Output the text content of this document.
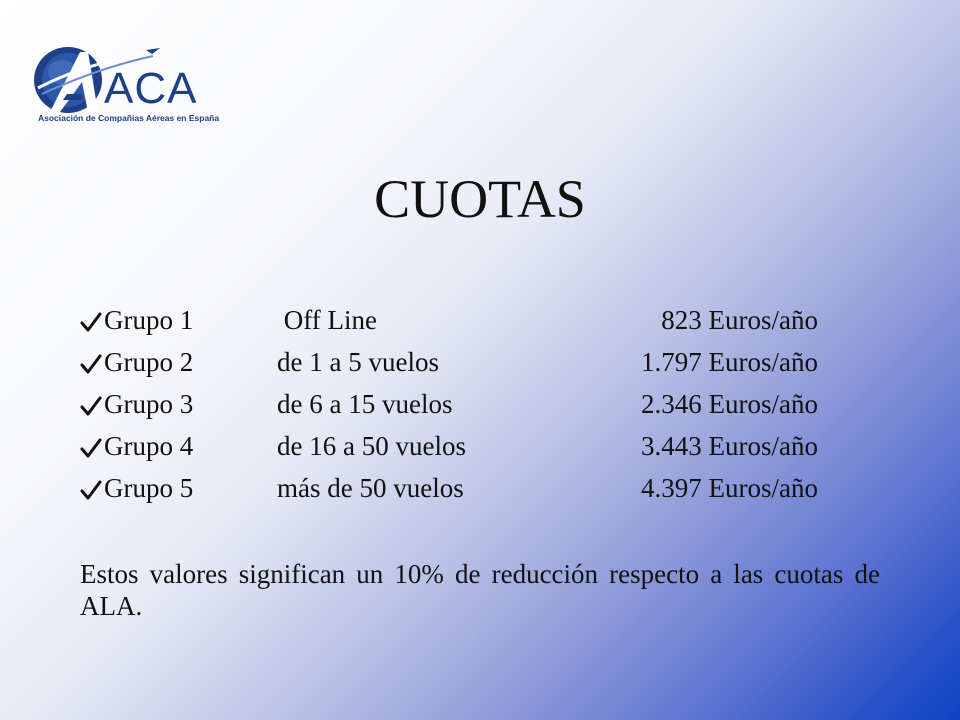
ACA
Asociación de Compañías Aéreas en España
CUOTAS
Grupo 1	Off Line	823 Euros/año
Grupo 2	de 1 a 5 vuelos	1.797 Euros/año
Grupo 3	de 6 a 15 vuelos	2.346 Euros/año
Grupo 4	de 16 a 50 vuelos	3.443 Euros/año
Grupo 5	más de 50 vuelos	4.397 Euros/año

Estos valores significan un 10% de reducción respecto a las cuotas de ALA.
